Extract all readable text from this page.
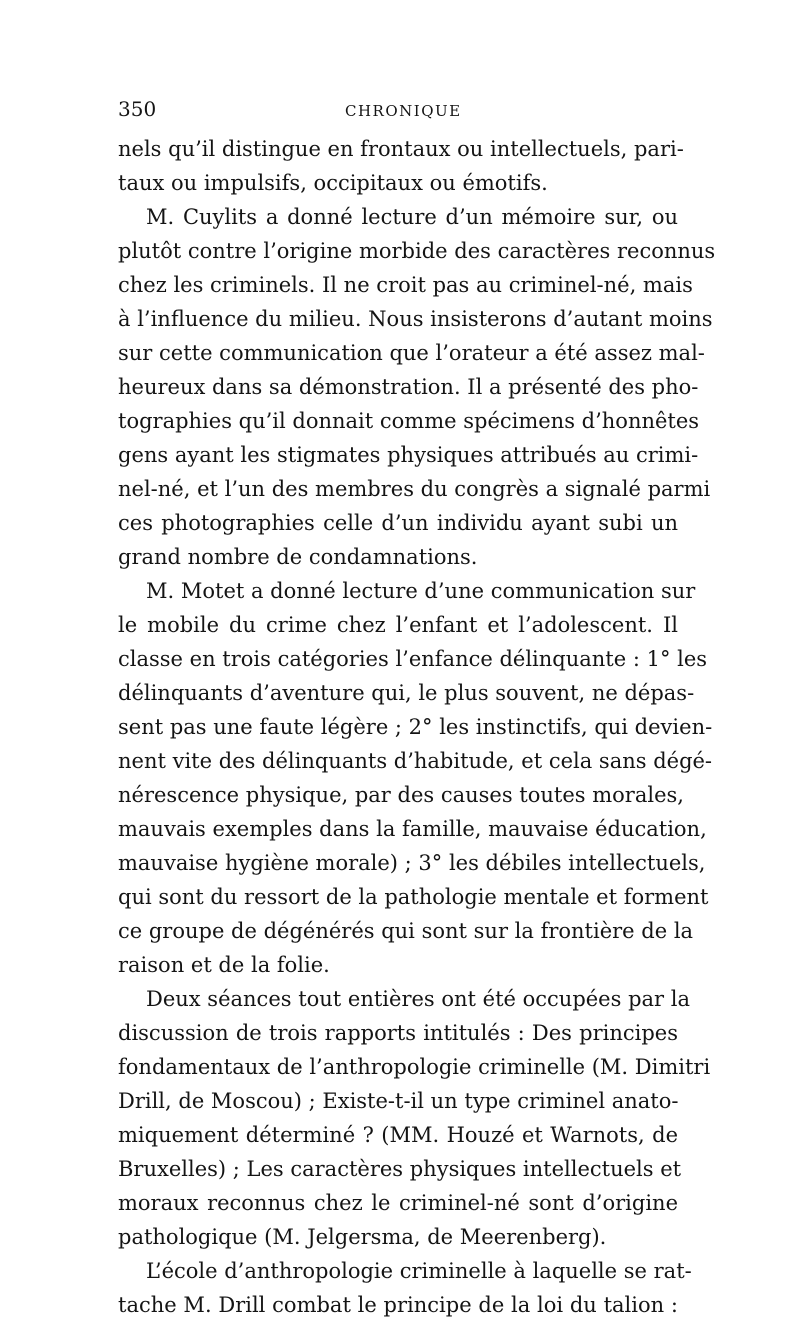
350	CHRONIQUE
nels qu’il distingue en frontaux ou intellectuels, pari-
taux ou impulsifs, occipitaux ou émotifs.
M. Cuylits a donné lecture d’un mémoire sur, ou
plutôt contre l’origine morbide des caractères reconnus
chez les criminels. Il ne croit pas au criminel-né, mais
à l’influence du milieu. Nous insisterons d’autant moins
sur cette communication que l’orateur a été assez mal-
heureux dans sa démonstration. Il a présenté des pho-
tographies qu’il donnait comme spécimens d’honnêtes
gens ayant les stigmates physiques attribués au crimi-
nel-né, et l’un des membres du congrès a signalé parmi
ces photographies celle d’un individu ayant subi un
grand nombre de condamnations.
M. Motet a donné lecture d’une communication sur
le mobile du crime chez l’enfant et l’adolescent. Il
classe en trois catégories l’enfance délinquante : 1° les
délinquants d’aventure qui, le plus souvent, ne dépas-
sent pas une faute légère ; 2° les instinctifs, qui devien-
nent vite des délinquants d’habitude, et cela sans dégé-
nérescence physique, par des causes toutes morales,
mauvais exemples dans la famille, mauvaise éducation,
mauvaise hygiène morale) ; 3° les débiles intellectuels,
qui sont du ressort de la pathologie mentale et forment
ce groupe de dégénérés qui sont sur la frontière de la
raison et de la folie.
Deux séances tout entières ont été occupées par la
discussion de trois rapports intitulés : Des principes
fondamentaux de l’anthropologie criminelle (M. Dimitri
Drill, de Moscou) ; Existe-t-il un type criminel anato-
miquement déterminé ? (MM. Houzé et Warnots, de
Bruxelles) ; Les caractères physiques intellectuels et
moraux reconnus chez le criminel-né sont d’origine
pathologique (M. Jelgersma, de Meerenberg).
L’école d’anthropologie criminelle à laquelle se rat-
tache M. Drill combat le principe de la loi du talion :
